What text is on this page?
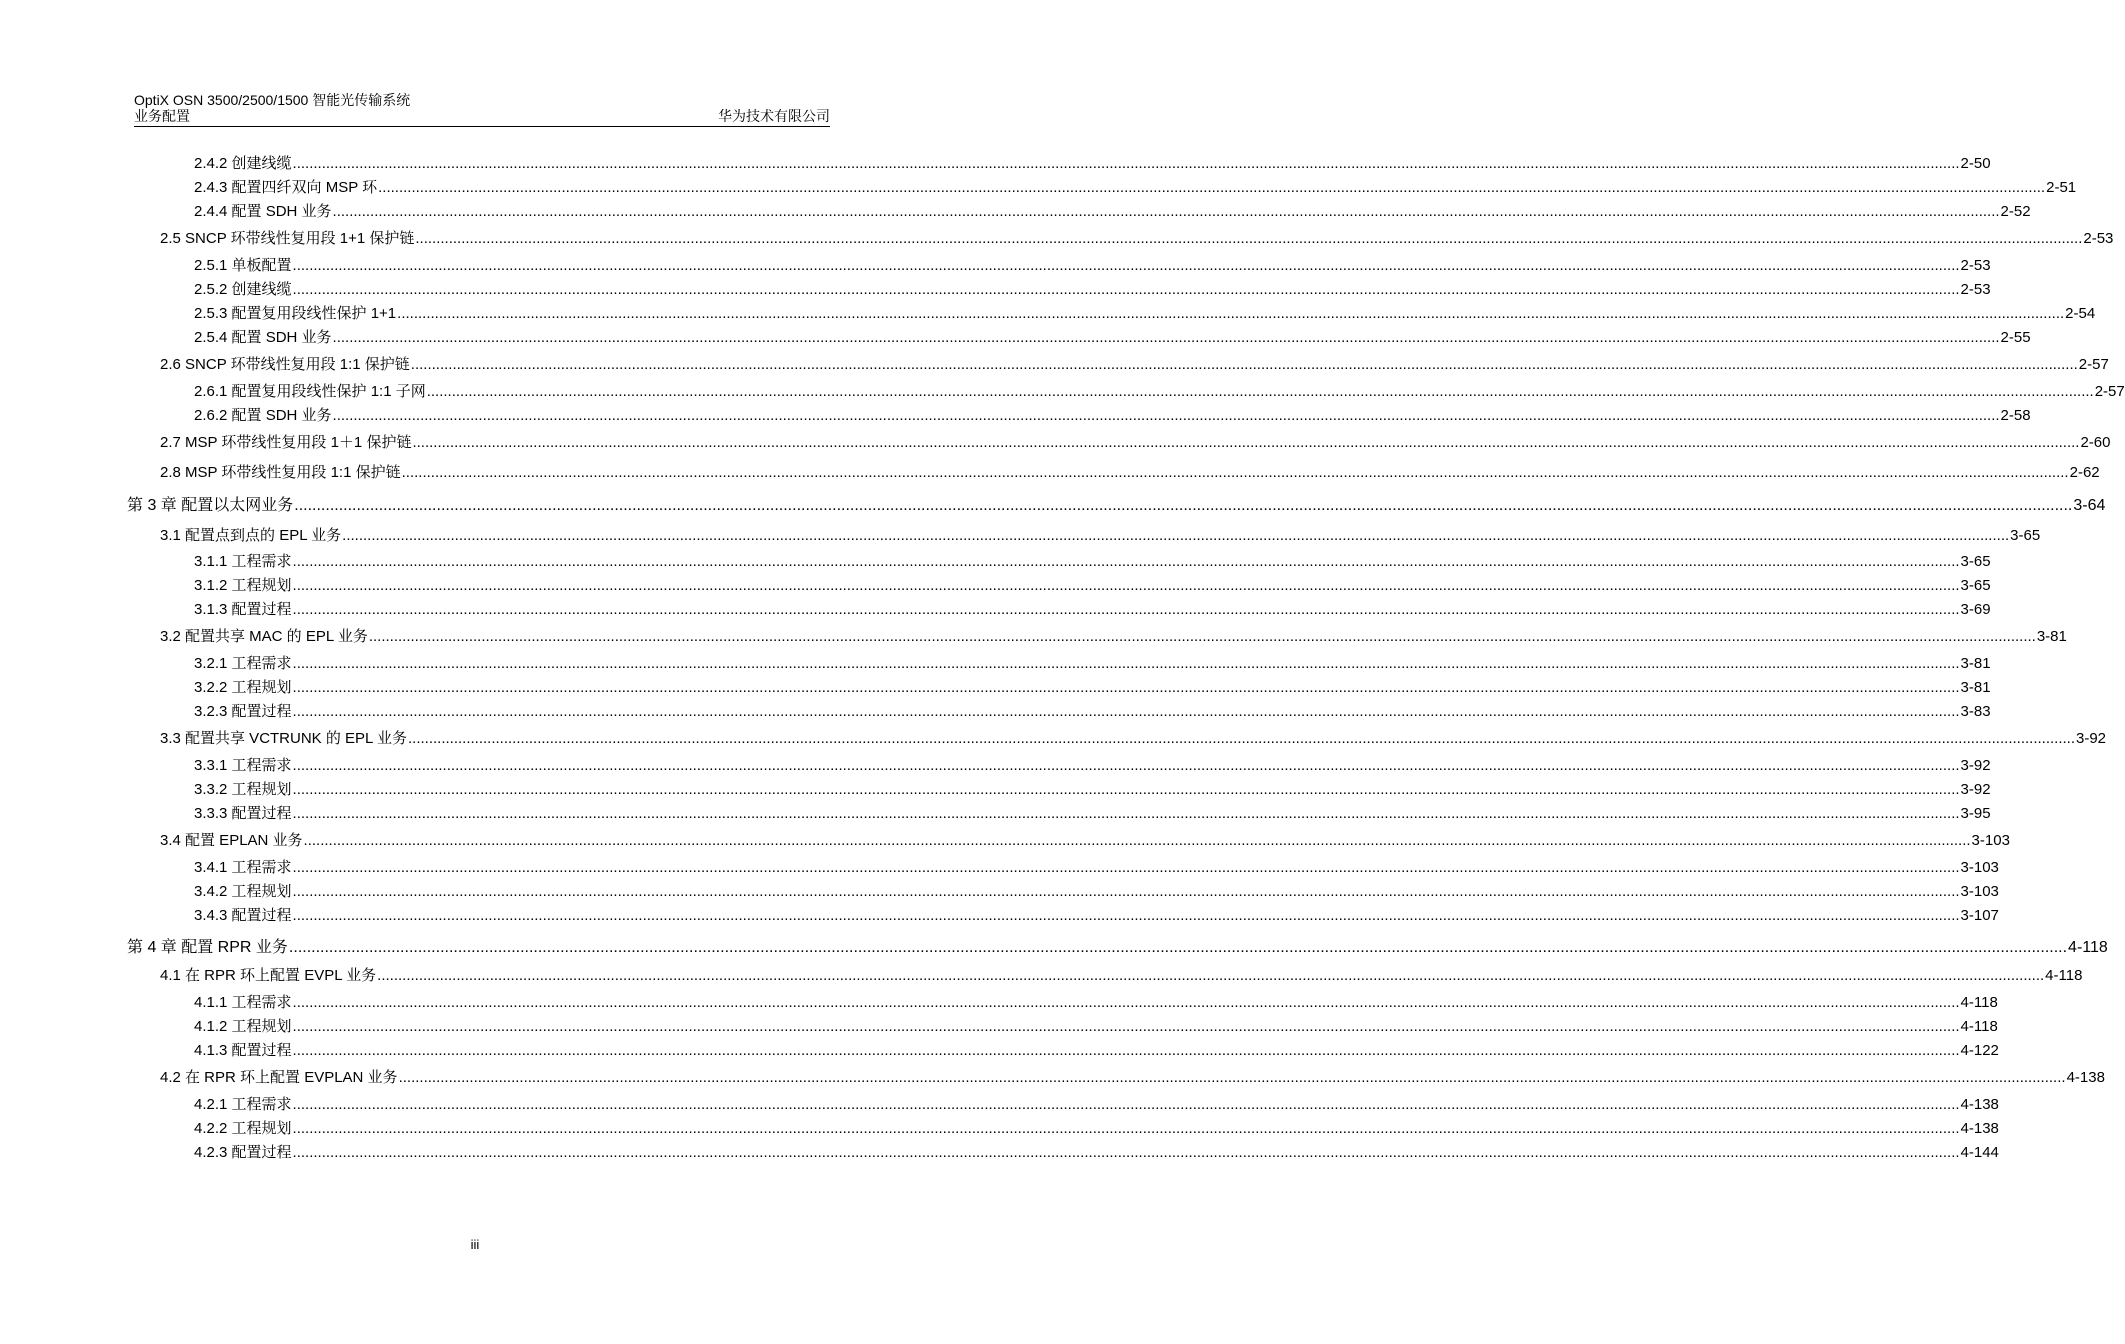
OptiX OSN 3500/2500/1500 智能光传输系统
业务配置	华为技术有限公司
2.4.2 创建线缆 ................................................................................................................................................................................................................................................................................................................................................................................................................ 2-50
2.4.3 配置四纤双向 MSP 环 ................................................................................................................................................................................................................................................................................................................................................................................................................ 2-51
2.4.4 配置 SDH 业务 ................................................................................................................................................................................................................................................................................................................................................................................................................ 2-52
2.5 SNCP 环带线性复用段 1+1 保护链 ................................................................................................................................................................................................................................................................................................................................................................................................................ 2-53
2.5.1 单板配置 ................................................................................................................................................................................................................................................................................................................................................................................................................ 2-53
2.5.2 创建线缆 ................................................................................................................................................................................................................................................................................................................................................................................................................ 2-53
2.5.3 配置复用段线性保护 1+1 ................................................................................................................................................................................................................................................................................................................................................................................................................ 2-54
2.5.4 配置 SDH 业务 ................................................................................................................................................................................................................................................................................................................................................................................................................ 2-55
2.6 SNCP 环带线性复用段 1:1 保护链 ................................................................................................................................................................................................................................................................................................................................................................................................................ 2-57
2.6.1 配置复用段线性保护 1:1 子网 ................................................................................................................................................................................................................................................................................................................................................................................................................ 2-57
2.6.2 配置 SDH 业务 ................................................................................................................................................................................................................................................................................................................................................................................................................ 2-58
2.7 MSP 环带线性复用段 1＋1 保护链 ................................................................................................................................................................................................................................................................................................................................................................................................................ 2-60
2.8 MSP 环带线性复用段 1:1 保护链 ................................................................................................................................................................................................................................................................................................................................................................................................................ 2-62
第 3 章 配置以太网业务 ................................................................................................................................................................................................................................................................................................................................................................................................................ 3-64
3.1 配置点到点的 EPL 业务 ................................................................................................................................................................................................................................................................................................................................................................................................................ 3-65
3.1.1 工程需求 ................................................................................................................................................................................................................................................................................................................................................................................................................ 3-65
3.1.2 工程规划 ................................................................................................................................................................................................................................................................................................................................................................................................................ 3-65
3.1.3 配置过程 ................................................................................................................................................................................................................................................................................................................................................................................................................ 3-69
3.2 配置共享 MAC 的 EPL 业务 ................................................................................................................................................................................................................................................................................................................................................................................................................ 3-81
3.2.1 工程需求 ................................................................................................................................................................................................................................................................................................................................................................................................................ 3-81
3.2.2 工程规划 ................................................................................................................................................................................................................................................................................................................................................................................................................ 3-81
3.2.3 配置过程 ................................................................................................................................................................................................................................................................................................................................................................................................................ 3-83
3.3 配置共享 VCTRUNK 的 EPL 业务 ................................................................................................................................................................................................................................................................................................................................................................................................................ 3-92
3.3.1 工程需求 ................................................................................................................................................................................................................................................................................................................................................................................................................ 3-92
3.3.2 工程规划 ................................................................................................................................................................................................................................................................................................................................................................................................................ 3-92
3.3.3 配置过程 ................................................................................................................................................................................................................................................................................................................................................................................................................ 3-95
3.4 配置 EPLAN 业务 ................................................................................................................................................................................................................................................................................................................................................................................................................ 3-103
3.4.1 工程需求 ................................................................................................................................................................................................................................................................................................................................................................................................................ 3-103
3.4.2 工程规划 ................................................................................................................................................................................................................................................................................................................................................................................................................ 3-103
3.4.3 配置过程 ................................................................................................................................................................................................................................................................................................................................................................................................................ 3-107
第 4 章 配置 RPR 业务 ................................................................................................................................................................................................................................................................................................................................................................................................................ 4-118
4.1 在 RPR 环上配置 EVPL 业务 ................................................................................................................................................................................................................................................................................................................................................................................................................ 4-118
4.1.1 工程需求 ................................................................................................................................................................................................................................................................................................................................................................................................................ 4-118
4.1.2 工程规划 ................................................................................................................................................................................................................................................................................................................................................................................................................ 4-118
4.1.3 配置过程 ................................................................................................................................................................................................................................................................................................................................................................................................................ 4-122
4.2 在 RPR 环上配置 EVPLAN 业务 ................................................................................................................................................................................................................................................................................................................................................................................................................ 4-138
4.2.1 工程需求 ................................................................................................................................................................................................................................................................................................................................................................................................................ 4-138
4.2.2 工程规划 ................................................................................................................................................................................................................................................................................................................................................................................................................ 4-138
4.2.3 配置过程 ................................................................................................................................................................................................................................................................................................................................................................................................................ 4-144
iii
